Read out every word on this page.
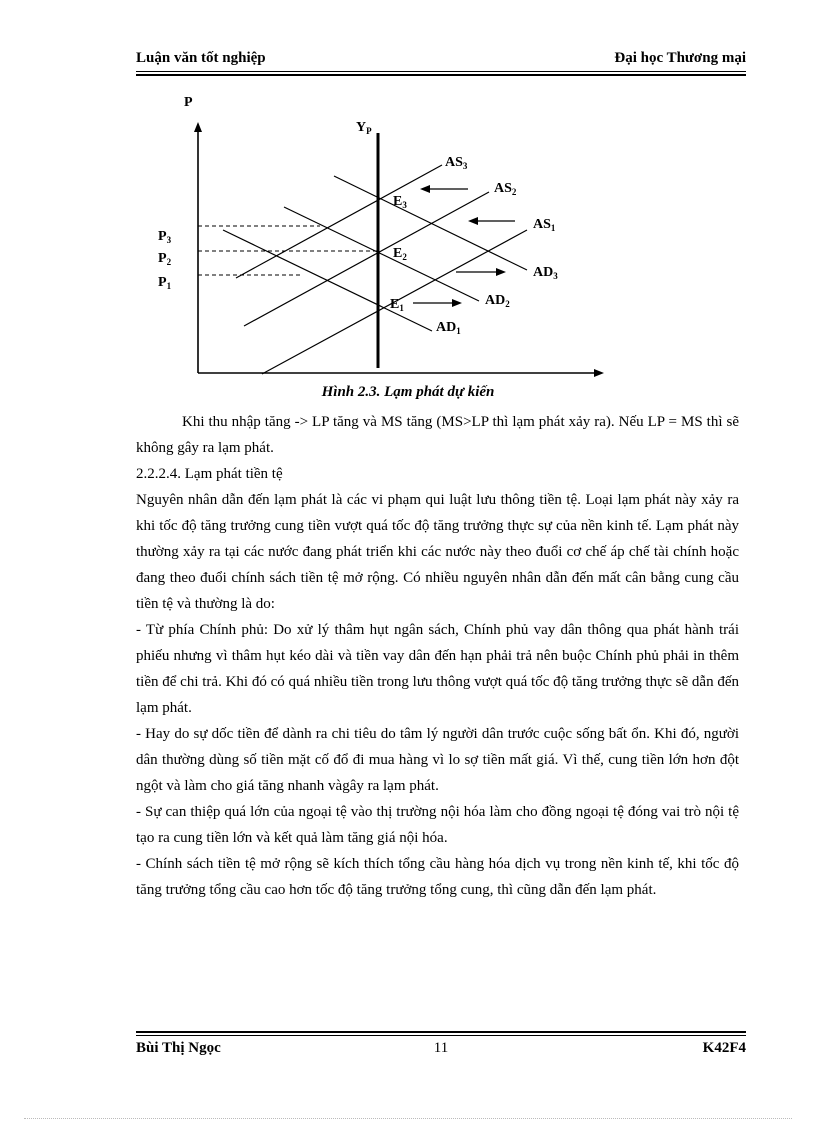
Luận văn tốt nghiệp	Đại học Thương mại
P
$Y_P$
$P_3$
$P_2$
$P_1$
$AS_3$
$AS_2$
$AS_1$
$AD_3$
$AD_2$
$AD_1$
$E_3$
$E_2$
$E_1$
Hình 2.3. Lạm phát dự kiến

Khi thu nhập tăng -> LP tăng và MS tăng (MS>LP thì lạm phát xảy ra). Nếu LP = MS thì sẽ không gây ra lạm phát.

2.2.2.4. Lạm phát tiền tệ

Nguyên nhân dẫn đến lạm phát là các vi phạm qui luật lưu thông tiền tệ. Loại lạm phát này xảy ra khi tốc độ tăng trưởng cung tiền vượt quá tốc độ tăng trưởng thực sự của nền kinh tế. Lạm phát này thường xảy ra tại các nước đang phát triển khi các nước này theo đuổi cơ chế áp chế tài chính hoặc đang theo đuổi chính sách tiền tệ mở rộng. Có nhiều nguyên nhân dẫn đến mất cân bằng cung cầu tiền tệ và thường là do:

- Từ phía Chính phủ: Do xử lý thâm hụt ngân sách, Chính phủ vay dân thông qua phát hành trái phiếu nhưng vì thâm hụt kéo dài và tiền vay dân đến hạn phải trả nên buộc Chính phủ phải in thêm tiền để chi trả. Khi đó có quá nhiều tiền trong lưu thông vượt quá tốc độ tăng trưởng thực sẽ dẫn đến lạm phát.

- Hay do sự dốc tiền để dành ra chi tiêu do tâm lý người dân trước cuộc sống bất ổn. Khi đó, người dân thường dùng số tiền mặt cố đổ đi mua hàng vì lo sợ tiền mất giá. Vì thế, cung tiền lớn hơn đột ngột và làm cho giá tăng nhanh vàgây ra lạm phát.

- Sự can thiệp quá lớn của ngoại tệ vào thị trường nội hóa làm cho đồng ngoại tệ đóng vai trò nội tệ tạo ra cung tiền lớn và kết quả làm tăng giá nội hóa.

- Chính sách tiền tệ mở rộng sẽ kích thích tổng cầu hàng hóa dịch vụ trong nền kinh tế, khi tốc độ tăng trưởng tổng cầu cao hơn tốc độ tăng trưởng tổng cung, thì cũng dẫn đến lạm phát.

Bùi Thị Ngọc	11	K42F4
